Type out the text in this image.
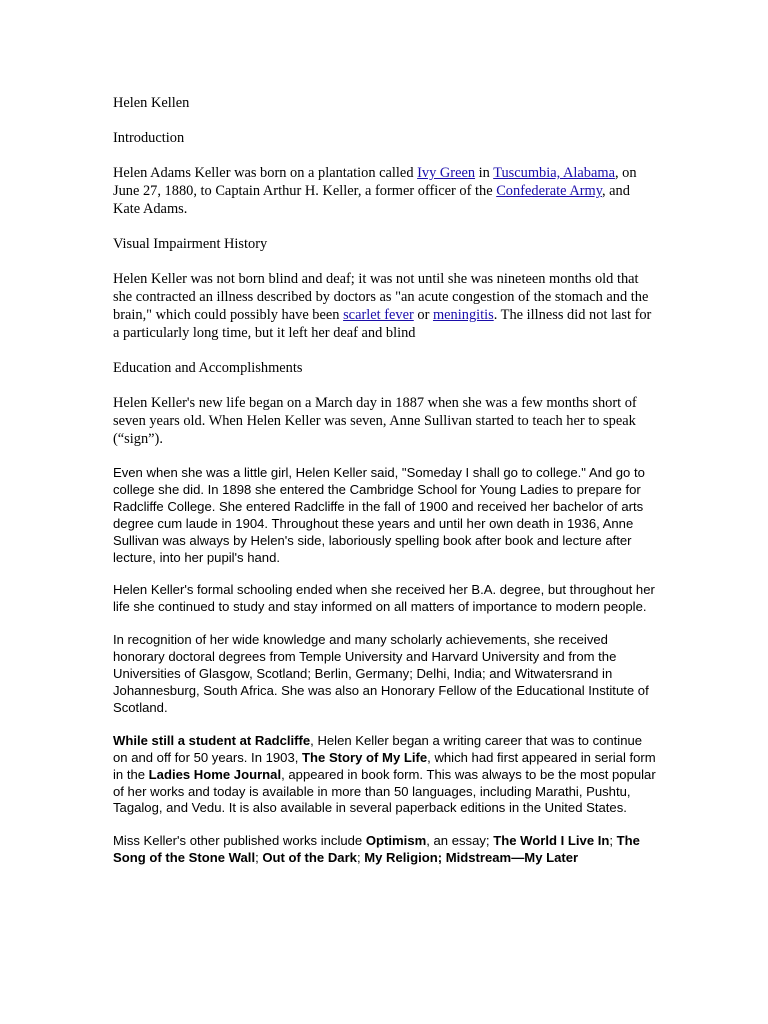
Helen Kellen

Introduction

Helen Adams Keller was born on a plantation called Ivy Green in Tuscumbia, Alabama, on June 27, 1880, to Captain Arthur H. Keller, a former officer of the Confederate Army, and Kate Adams.

Visual Impairment History

Helen Keller was not born blind and deaf; it was not until she was nineteen months old that she contracted an illness described by doctors as "an acute congestion of the stomach and the brain," which could possibly have been scarlet fever or meningitis. The illness did not last for a particularly long time, but it left her deaf and blind

Education and Accomplishments

Helen Keller's new life began on a March day in 1887 when she was a few months short of seven years old. When Helen Keller was seven, Anne Sullivan started to teach her to speak (“sign”).

Even when she was a little girl, Helen Keller said, "Someday I shall go to college." And go to college she did. In 1898 she entered the Cambridge School for Young Ladies to prepare for Radcliffe College. She entered Radcliffe in the fall of 1900 and received her bachelor of arts degree cum laude in 1904. Throughout these years and until her own death in 1936, Anne Sullivan was always by Helen's side, laboriously spelling book after book and lecture after lecture, into her pupil's hand.

Helen Keller's formal schooling ended when she received her B.A. degree, but throughout her life she continued to study and stay informed on all matters of importance to modern people.

In recognition of her wide knowledge and many scholarly achievements, she received honorary doctoral degrees from Temple University and Harvard University and from the Universities of Glasgow, Scotland; Berlin, Germany; Delhi, India; and Witwatersrand in Johannesburg, South Africa. She was also an Honorary Fellow of the Educational Institute of Scotland.

While still a student at Radcliffe, Helen Keller began a writing career that was to continue on and off for 50 years. In 1903, The Story of My Life, which had first appeared in serial form in the Ladies Home Journal, appeared in book form. This was always to be the most popular of her works and today is available in more than 50 languages, including Marathi, Pushtu, Tagalog, and Vedu. It is also available in several paperback editions in the United States.

Miss Keller's other published works include Optimism, an essay; The World I Live In; The Song of the Stone Wall; Out of the Dark; My Religion; Midstream—My Later
